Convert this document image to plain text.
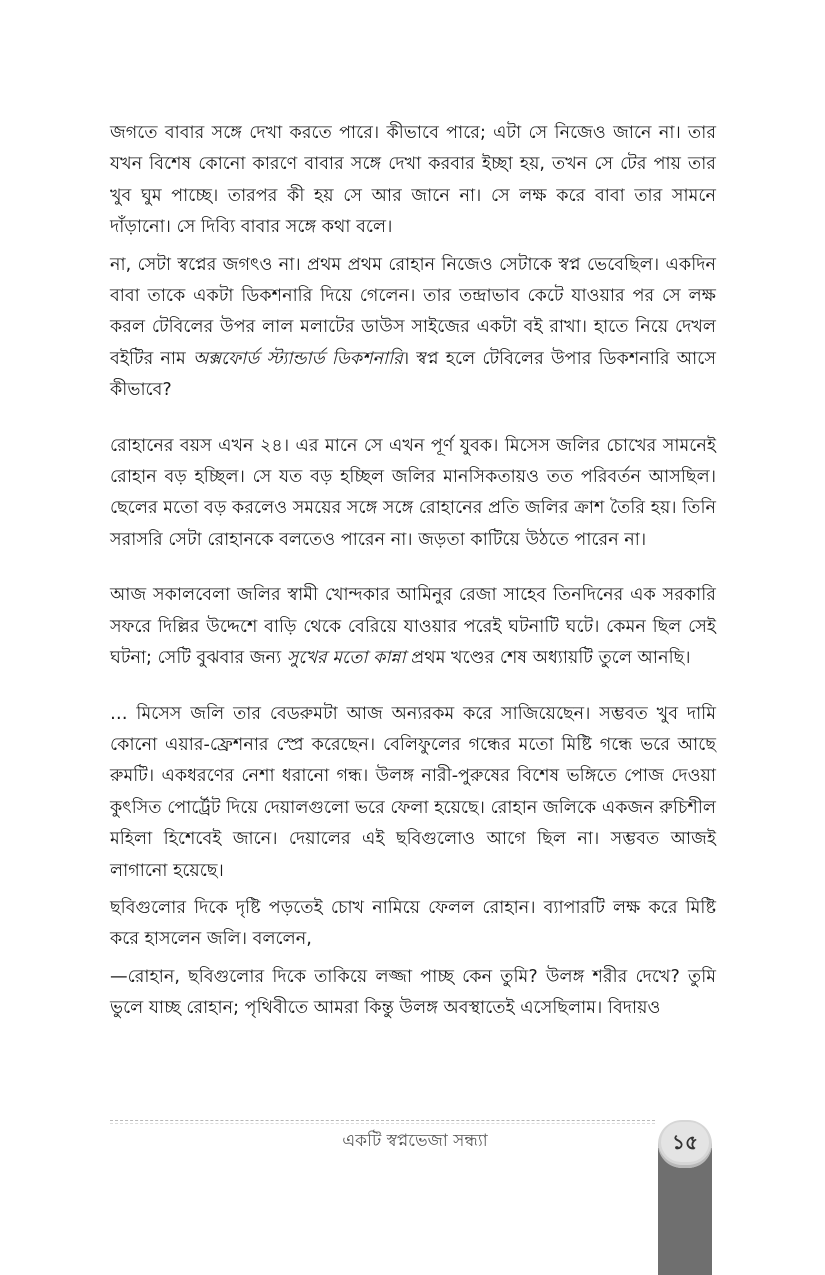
জগতে বাবার সঙ্গে দেখা করতে পারে। কীভাবে পারে; এটা সে নিজেও জানে না। তার যখন বিশেষ কোনো কারণে বাবার সঙ্গে দেখা করবার ইচ্ছা হয়, তখন সে টের পায় তার খুব ঘুম পাচ্ছে। তারপর কী হয় সে আর জানে না। সে লক্ষ করে বাবা তার সামনে দাঁড়ানো। সে দিব্যি বাবার সঙ্গে কথা বলে।

না, সেটা স্বপ্নের জগৎও না। প্রথম প্রথম রোহান নিজেও সেটাকে স্বপ্ন ভেবেছিল। একদিন বাবা তাকে একটা ডিকশনারি দিয়ে গেলেন। তার তন্দ্রাভাব কেটে যাওয়ার পর সে লক্ষ করল টেবিলের উপর লাল মলাটের ডাউস সাইজের একটা বই রাখা। হাতে নিয়ে দেখল বইটির নাম অক্সফোর্ড স্ট্যান্ডার্ড ডিকশনারি। স্বপ্ন হলে টেবিলের উপার ডিকশনারি আসে কীভাবে?

রোহানের বয়স এখন ২৪। এর মানে সে এখন পূর্ণ যুবক। মিসেস জলির চোখের সামনেই রোহান বড় হচ্ছিল। সে যত বড় হচ্ছিল জলির মানসিকতায়ও তত পরিবর্তন আসছিল। ছেলের মতো বড় করলেও সময়ের সঙ্গে সঙ্গে রোহানের প্রতি জলির ক্রাশ তৈরি হয়। তিনি সরাসরি সেটা রোহানকে বলতেও পারেন না। জড়তা কাটিয়ে উঠতে পারেন না।

আজ সকালবেলা জলির স্বামী খোন্দকার আমিনুর রেজা সাহেব তিনদিনের এক সরকারি সফরে দিল্লির উদ্দেশে বাড়ি থেকে বেরিয়ে যাওয়ার পরেই ঘটনাটি ঘটে। কেমন ছিল সেই ঘটনা; সেটি বুঝবার জন্য সুখের মতো কান্না প্রথম খণ্ডের শেষ অধ্যায়টি তুলে আনছি।

… মিসেস জলি তার বেডরুমটা আজ অন্যরকম করে সাজিয়েছেন। সম্ভবত খুব দামি কোনো এয়ার-ফ্রেশনার স্প্রে করেছেন। বেলিফুলের গন্ধের মতো মিষ্টি গন্ধে ভরে আছে রুমটি। একধরণের নেশা ধরানো গন্ধ। উলঙ্গ নারী-পুরুষের বিশেষ ভঙ্গিতে পোজ দেওয়া কুৎসিত পোর্ট্রেট দিয়ে দেয়ালগুলো ভরে ফেলা হয়েছে। রোহান জলিকে একজন রুচিশীল মহিলা হিশেবেই জানে। দেয়ালের এই ছবিগুলোও আগে ছিল না। সম্ভবত আজই লাগানো হয়েছে।

ছবিগুলোর দিকে দৃষ্টি পড়তেই চোখ নামিয়ে ফেলল রোহান। ব্যাপারটি লক্ষ করে মিষ্টি করে হাসলেন জলি। বললেন,

—রোহান, ছবিগুলোর দিকে তাকিয়ে লজ্জা পাচ্ছ কেন তুমি? উলঙ্গ শরীর দেখে? তুমি ভুলে যাচ্ছ রোহান; পৃথিবীতে আমরা কিন্তু উলঙ্গ অবস্থাতেই এসেছিলাম। বিদায়ও

একটি স্বপ্নভেজা সন্ধ্যা	১৫
